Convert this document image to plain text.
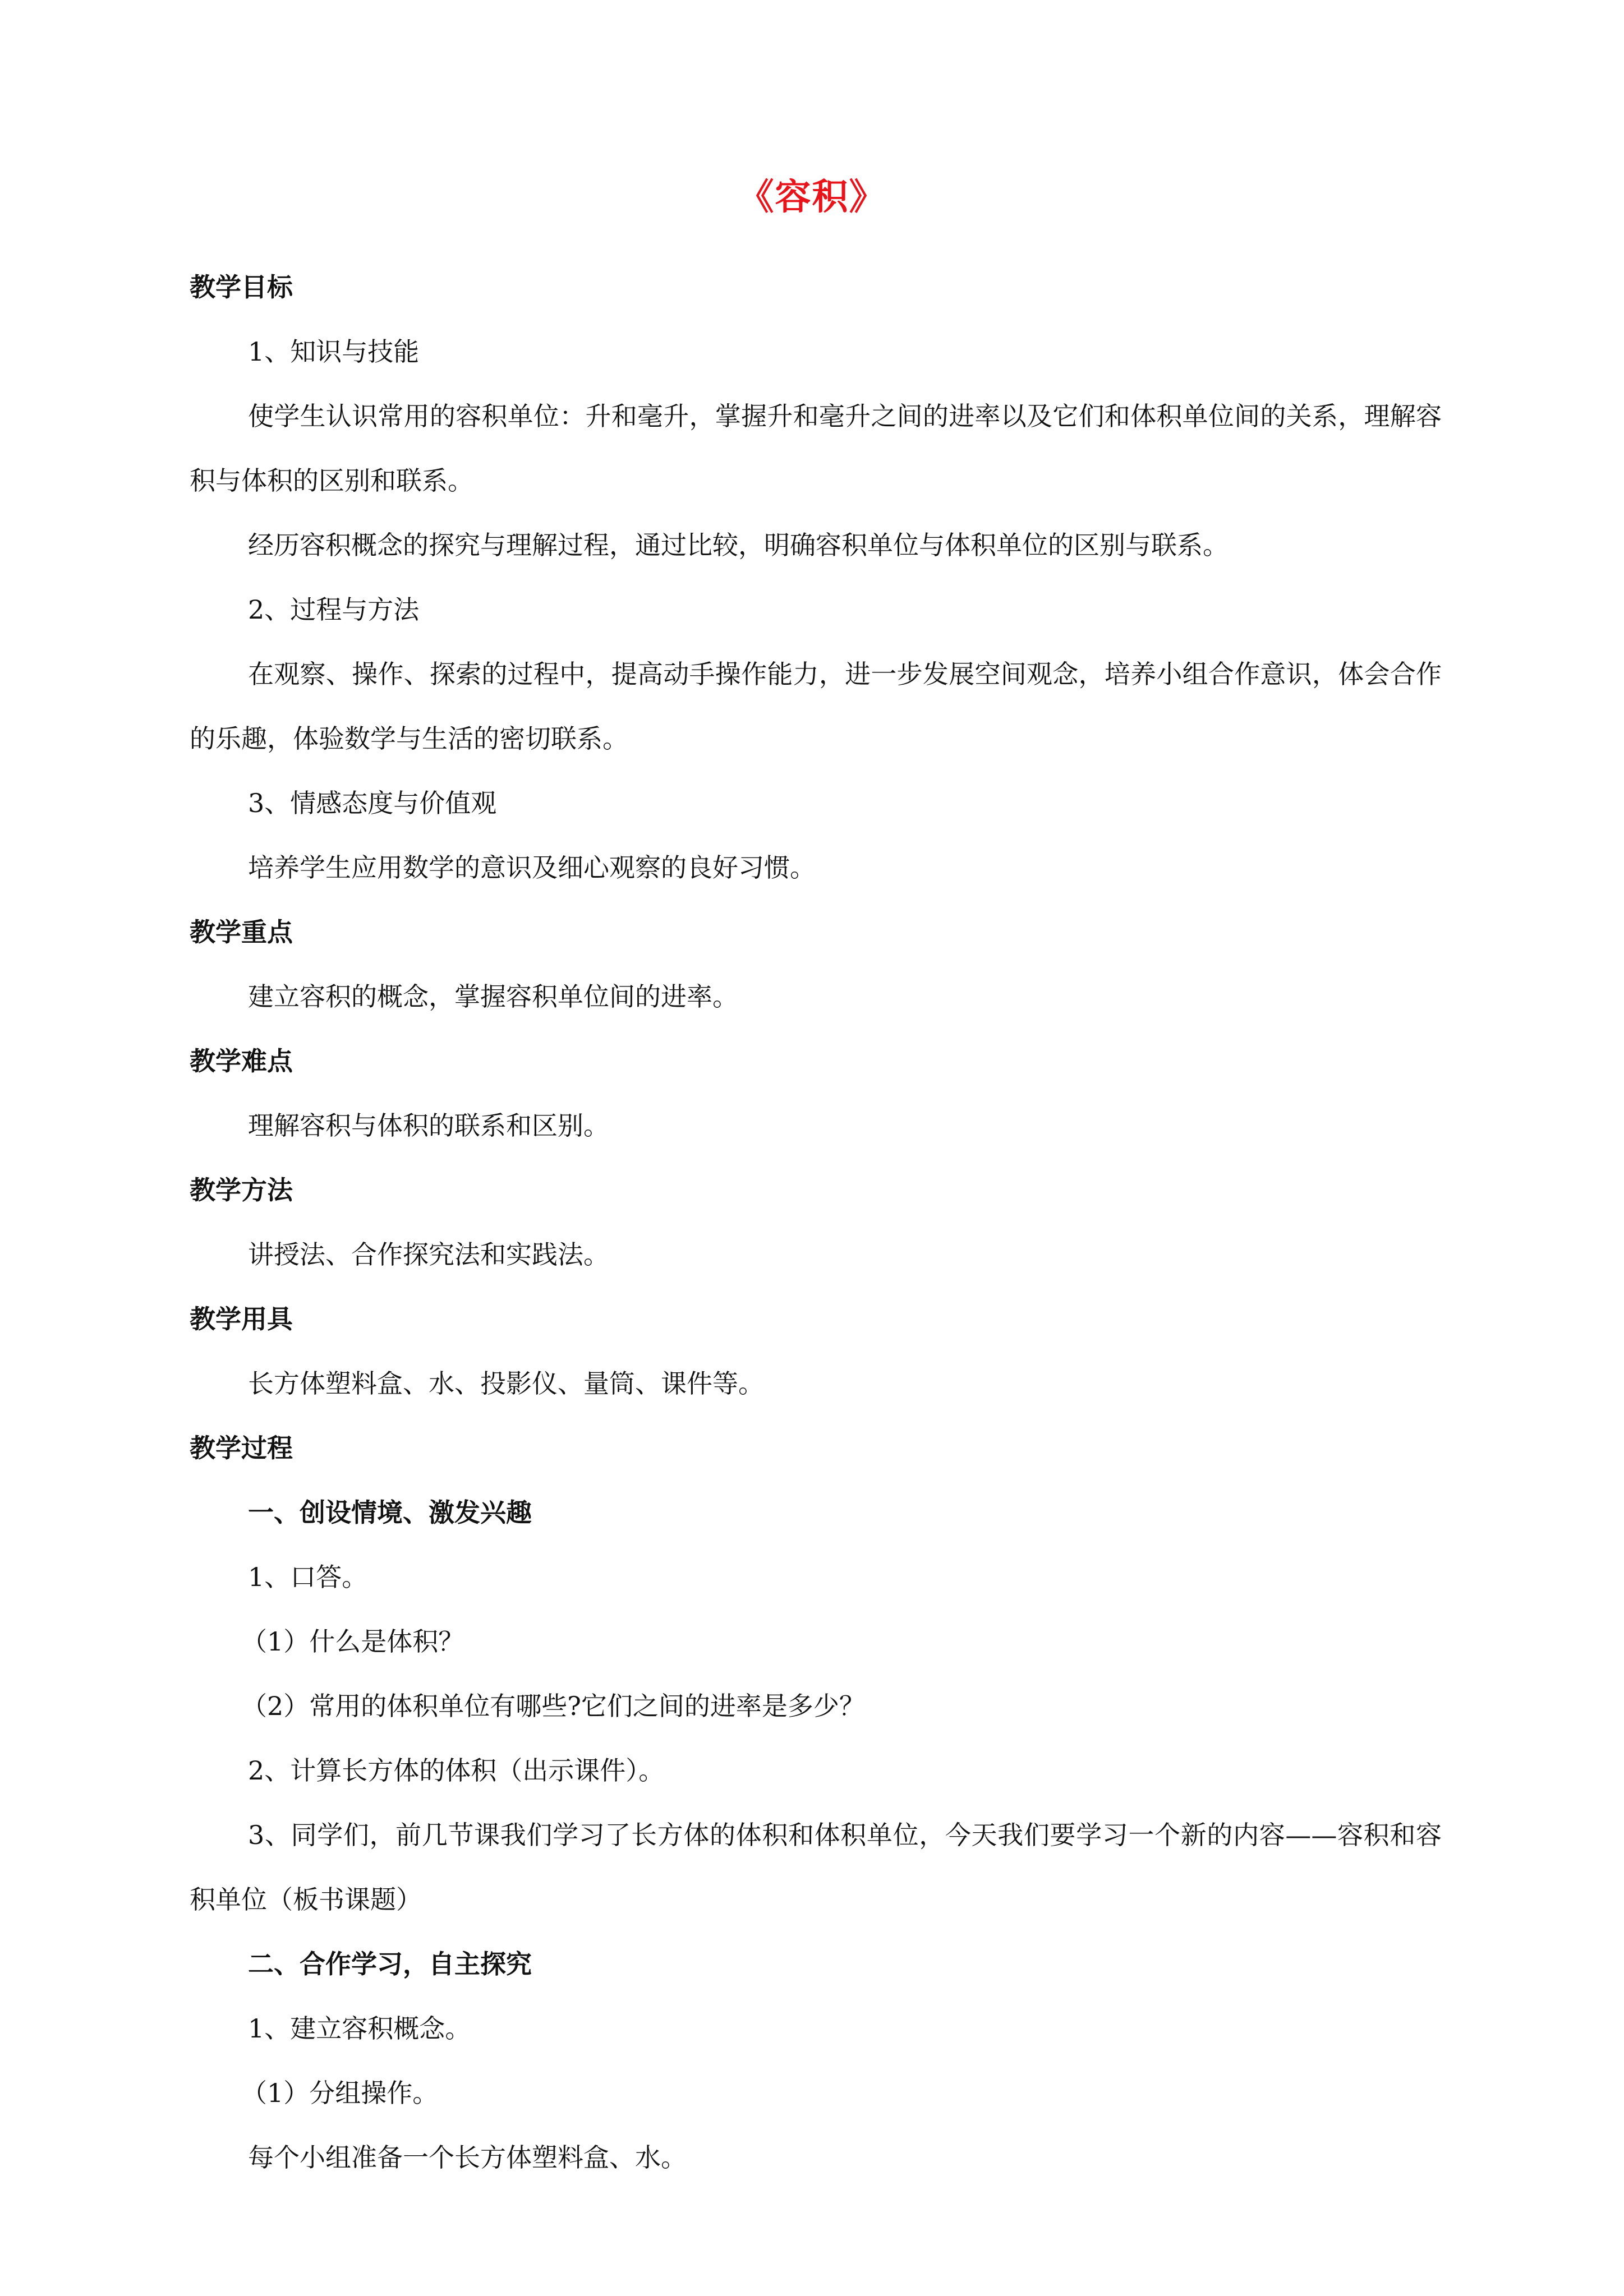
《容积》

教学目标

1、知识与技能

使学生认识常用的容积单位：升和毫升，掌握升和毫升之间的进率以及它们和体积单位间的关系，理解容积与体积的区别和联系。

经历容积概念的探究与理解过程，通过比较，明确容积单位与体积单位的区别与联系。

2、过程与方法

在观察、操作、探索的过程中，提高动手操作能力，进一步发展空间观念，培养小组合作意识，体会合作的乐趣，体验数学与生活的密切联系。

3、情感态度与价值观

培养学生应用数学的意识及细心观察的良好习惯。

教学重点

建立容积的概念，掌握容积单位间的进率。

教学难点

理解容积与体积的联系和区别。

教学方法

讲授法、合作探究法和实践法。

教学用具

长方体塑料盒、水、投影仪、量筒、课件等。

教学过程

一、创设情境、激发兴趣

1、口答。

（1）什么是体积？

（2）常用的体积单位有哪些?它们之间的进率是多少？

2、计算长方体的体积（出示课件）。

3、同学们，前几节课我们学习了长方体的体积和体积单位，今天我们要学习一个新的内容——容积和容积单位（板书课题）

二、合作学习，自主探究

1、建立容积概念。

（1）分组操作。

每个小组准备一个长方体塑料盒、水。
